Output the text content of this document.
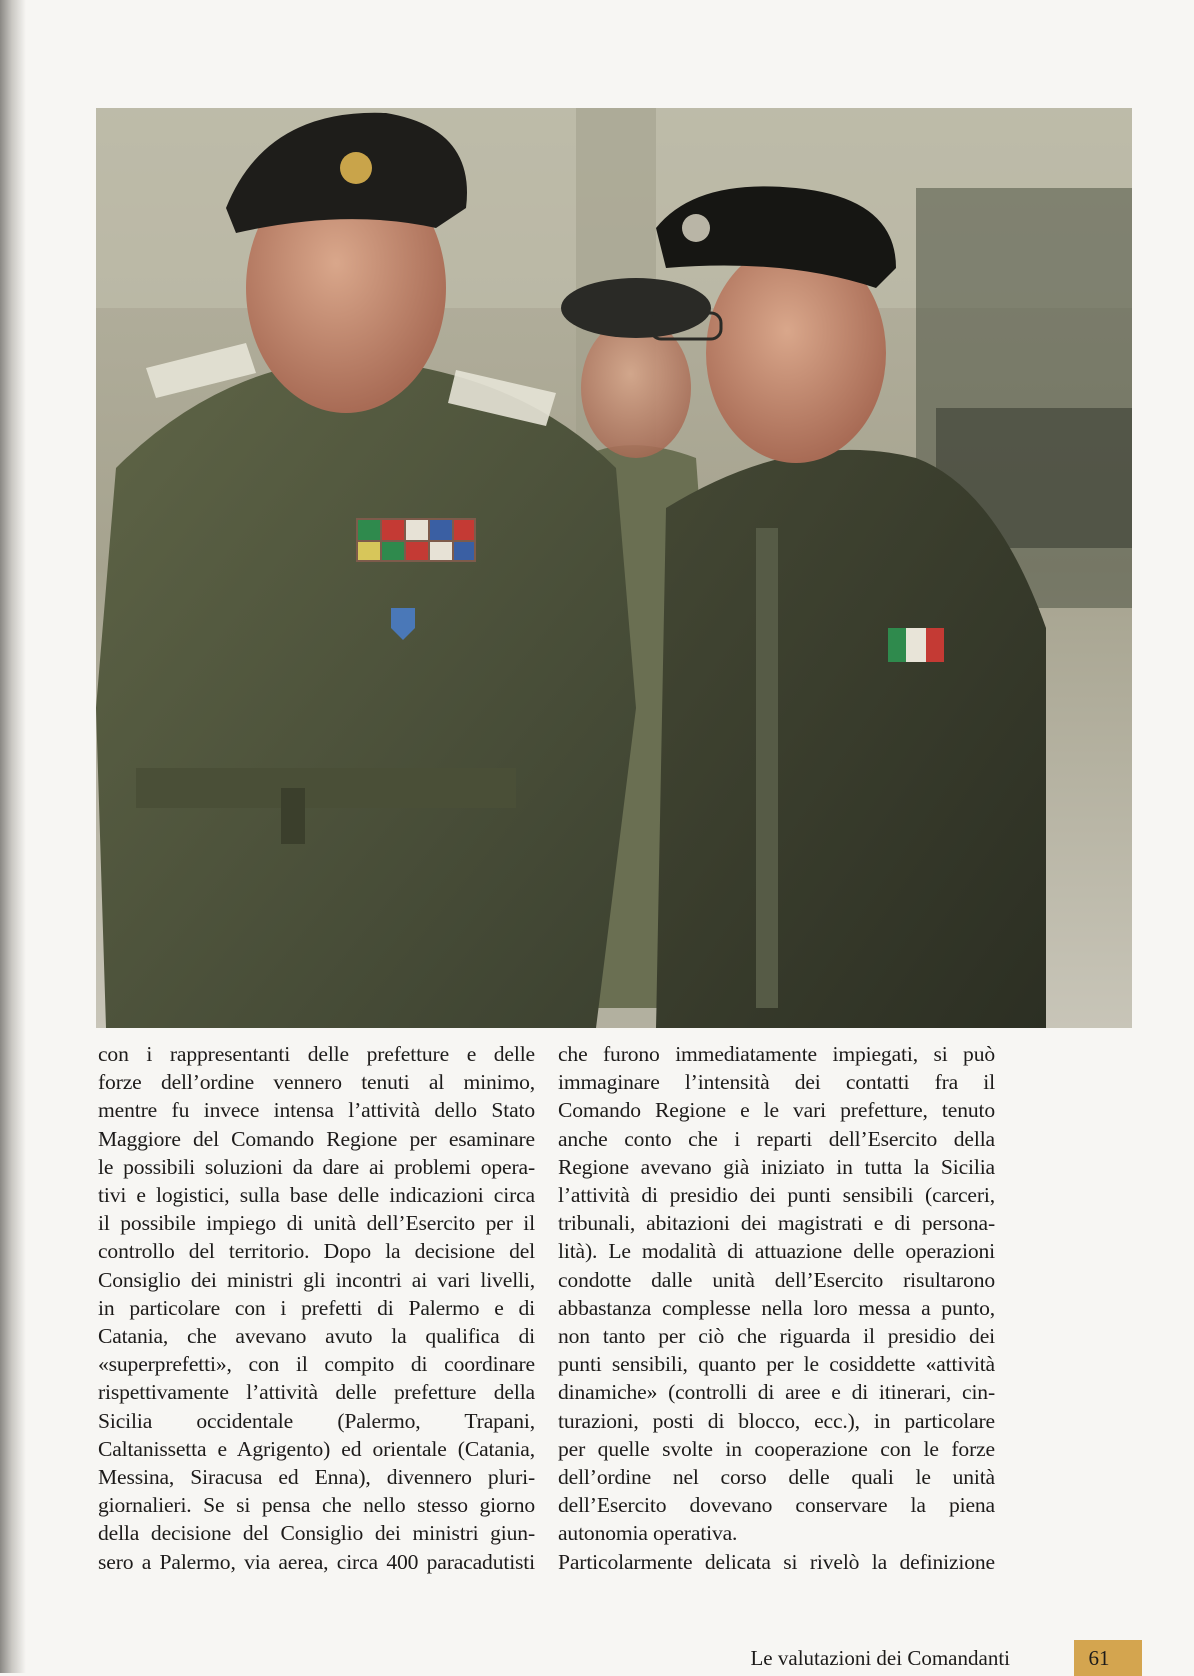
con i rappresentanti delle prefetture e delle
forze dell’ordine vennero tenuti al minimo,
mentre fu invece intensa l’attività dello Stato
Maggiore del Comando Regione per esaminare
le possibili soluzioni da dare ai problemi opera-
tivi e logistici, sulla base delle indicazioni circa
il possibile impiego di unità dell’Esercito per il
controllo del territorio. Dopo la decisione del
Consiglio dei ministri gli incontri ai vari livelli,
in particolare con i prefetti di Palermo e di
Catania, che avevano avuto la qualifica di
«superprefetti», con il compito di coordinare
rispettivamente l’attività delle prefetture della
Sicilia occidentale (Palermo, Trapani,
Caltanissetta e Agrigento) ed orientale (Catania,
Messina, Siracusa ed Enna), divennero pluri-
giornalieri. Se si pensa che nello stesso giorno
della decisione del Consiglio dei ministri giun-
sero a Palermo, via aerea, circa 400 paracadutisti

che furono immediatamente impiegati, si può
immaginare l’intensità dei contatti fra il
Comando Regione e le vari prefetture, tenuto
anche conto che i reparti dell’Esercito della
Regione avevano già iniziato in tutta la Sicilia
l’attività di presidio dei punti sensibili (carceri,
tribunali, abitazioni dei magistrati e di persona-
lità). Le modalità di attuazione delle operazioni
condotte dalle unità dell’Esercito risultarono
abbastanza complesse nella loro messa a punto,
non tanto per ciò che riguarda il presidio dei
punti sensibili, quanto per le cosiddette «attività
dinamiche» (controlli di aree e di itinerari, cin-
turazioni, posti di blocco, ecc.), in particolare
per quelle svolte in cooperazione con le forze
dell’ordine nel corso delle quali le unità
dell’Esercito dovevano conservare la piena
autonomia operativa.

Particolarmente delicata si rivelò la definizione

Le valutazioni dei Comandanti	61
